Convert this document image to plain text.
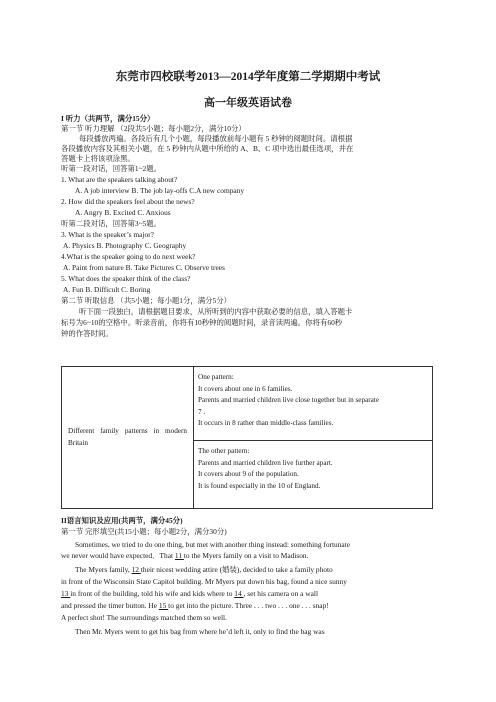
东莞市四校联考2013—2014学年度第二学期期中考试
高一年级英语试卷
I 听力（共两节，满分15分）
第一节 听力理解 （2段共5小题；每小题2分，满分10分）
每段播放两遍。各段后有几个小题，每段播放前每小题有 5 秒钟的阅题时间。请根据
各段播放内容及其相关小题，在 5 秒钟内从题中所给的 A、B、C 项中选出最佳选项，并在
答题卡上将该项涂黑。
听第一段对话，回答第1~2题。
1. What are the speakers talking about?
A. A job interview B. The job lay-offs C.A new company
2. How did the speakers feel about the news?
A. Angry B. Excited C. Anxious
听第二段对话，回答第3~5题。
3. What is the speaker’s major?
A. Physics B. Photography C. Geography
4.What is the speaker going to do next week?
A. Paint from nature B. Take Pictures C. Observe trees
5. What does the speaker think of the class?
A. Fun B. Difficult C. Boring
第二节 听取信息 （共5小题；每小题1分，满分5分）
听下面一段独白，请根据题目要求，从所听到的内容中获取必要的信息，填入答题卡
标号为6~10的空格中。听录音前，你将有10秒钟的阅题时间，录音读两遍。你将有60秒
钟的作答时间。
Different family patterns in modern Britain	
One pattern:
It covers about one in 6 families.
Parents and married children live close together but in separate
7 .
It occurs in 8 rather than middle-class families.

The other pattern:
Parents and married children live further apart.
It covers about 9 of the population.
It is found especially in the 10 of England.
II语言知识及应用(共两节，满分45分)
第一节 完形填空(共15小题；每小题2分，满分30分)
Sometimes, we tried to do one thing, but met with another thing instead: something fortunate
we never would have expected．That 11 to the Myers family on a visit to Madison.
The Myers family, 12 their nicest wedding attire (婚装), decided to take a family photo
in front of the Wisconsin State Capitol building. Mr Myers put down his bag, found a nice sunny
13 in front of the building, told his wife and kids where to 14 , set his camera on a wall
and pressed the timer button. He 15 to get into the picture. Three . . . two . . . one . . . snap!
A perfect shot! The surroundings matched them so well.
Then Mr. Myers went to get his bag from where he’d left it, only to find the bag was
